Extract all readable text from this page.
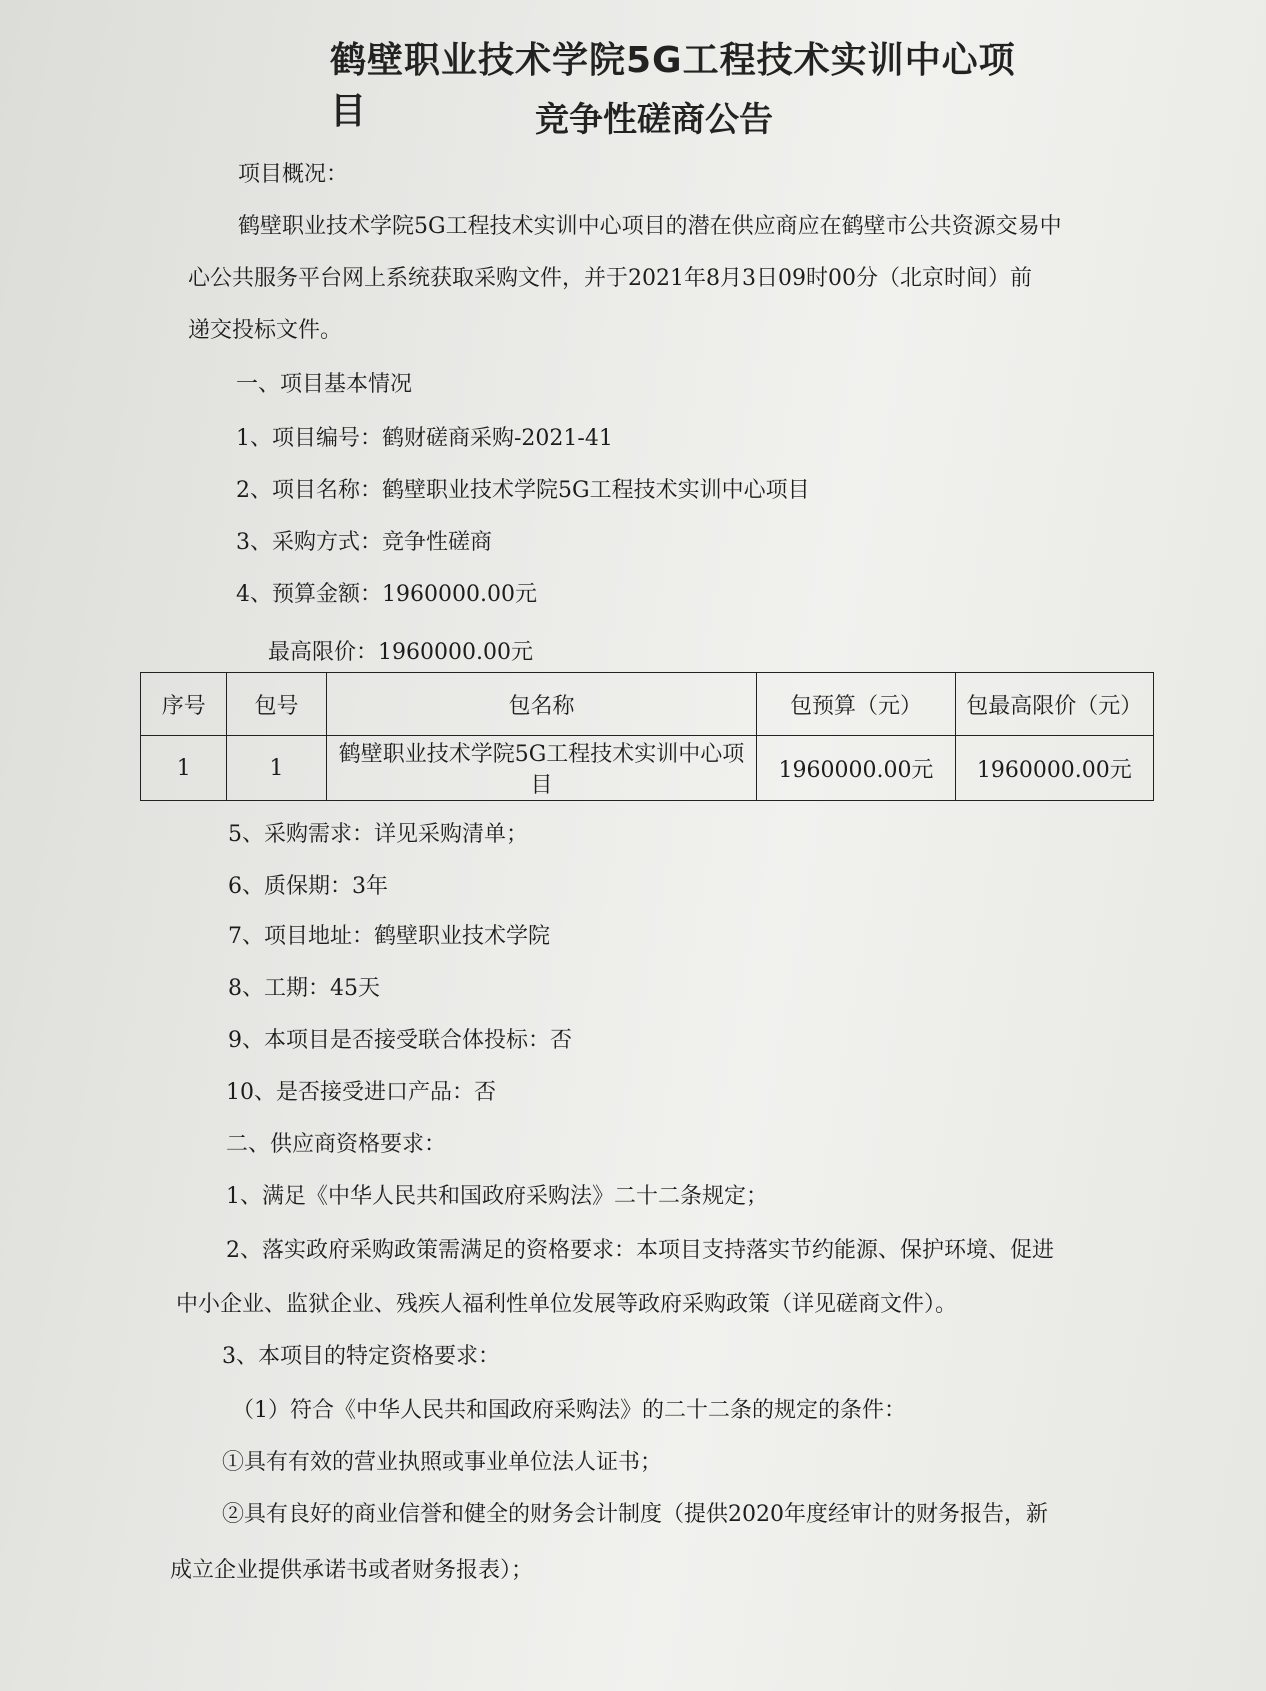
鹤壁职业技术学院5G工程技术实训中心项目	竞争性磋商公告
项目概况：
鹤壁职业技术学院5G工程技术实训中心项目的潜在供应商应在鹤壁市公共资源交易中
心公共服务平台网上系统获取采购文件，并于2021年8月3日09时00分（北京时间）前
递交投标文件。
一、项目基本情况
1、项目编号：鹤财磋商采购-2021-41
2、项目名称：鹤壁职业技术学院5G工程技术实训中心项目
3、采购方式：竞争性磋商
4、预算金额：1960000.00元
最高限价：1960000.00元
序号	包号	包名称	包预算（元）	包最高限价（元）
1	1	鹤壁职业技术学院5G工程技术实训中心项目	1960000.00元	1960000.00元
5、采购需求：详见采购清单；
6、质保期：3年
7、项目地址：鹤壁职业技术学院
8、工期：45天
9、本项目是否接受联合体投标：否
10、是否接受进口产品：否
二、供应商资格要求：
1、满足《中华人民共和国政府采购法》二十二条规定；
2、落实政府采购政策需满足的资格要求：本项目支持落实节约能源、保护环境、促进
中小企业、监狱企业、残疾人福利性单位发展等政府采购政策（详见磋商文件）。
3、本项目的特定资格要求：
（1）符合《中华人民共和国政府采购法》的二十二条的规定的条件：
①具有有效的营业执照或事业单位法人证书；
②具有良好的商业信誉和健全的财务会计制度（提供2020年度经审计的财务报告，新
成立企业提供承诺书或者财务报表）；
